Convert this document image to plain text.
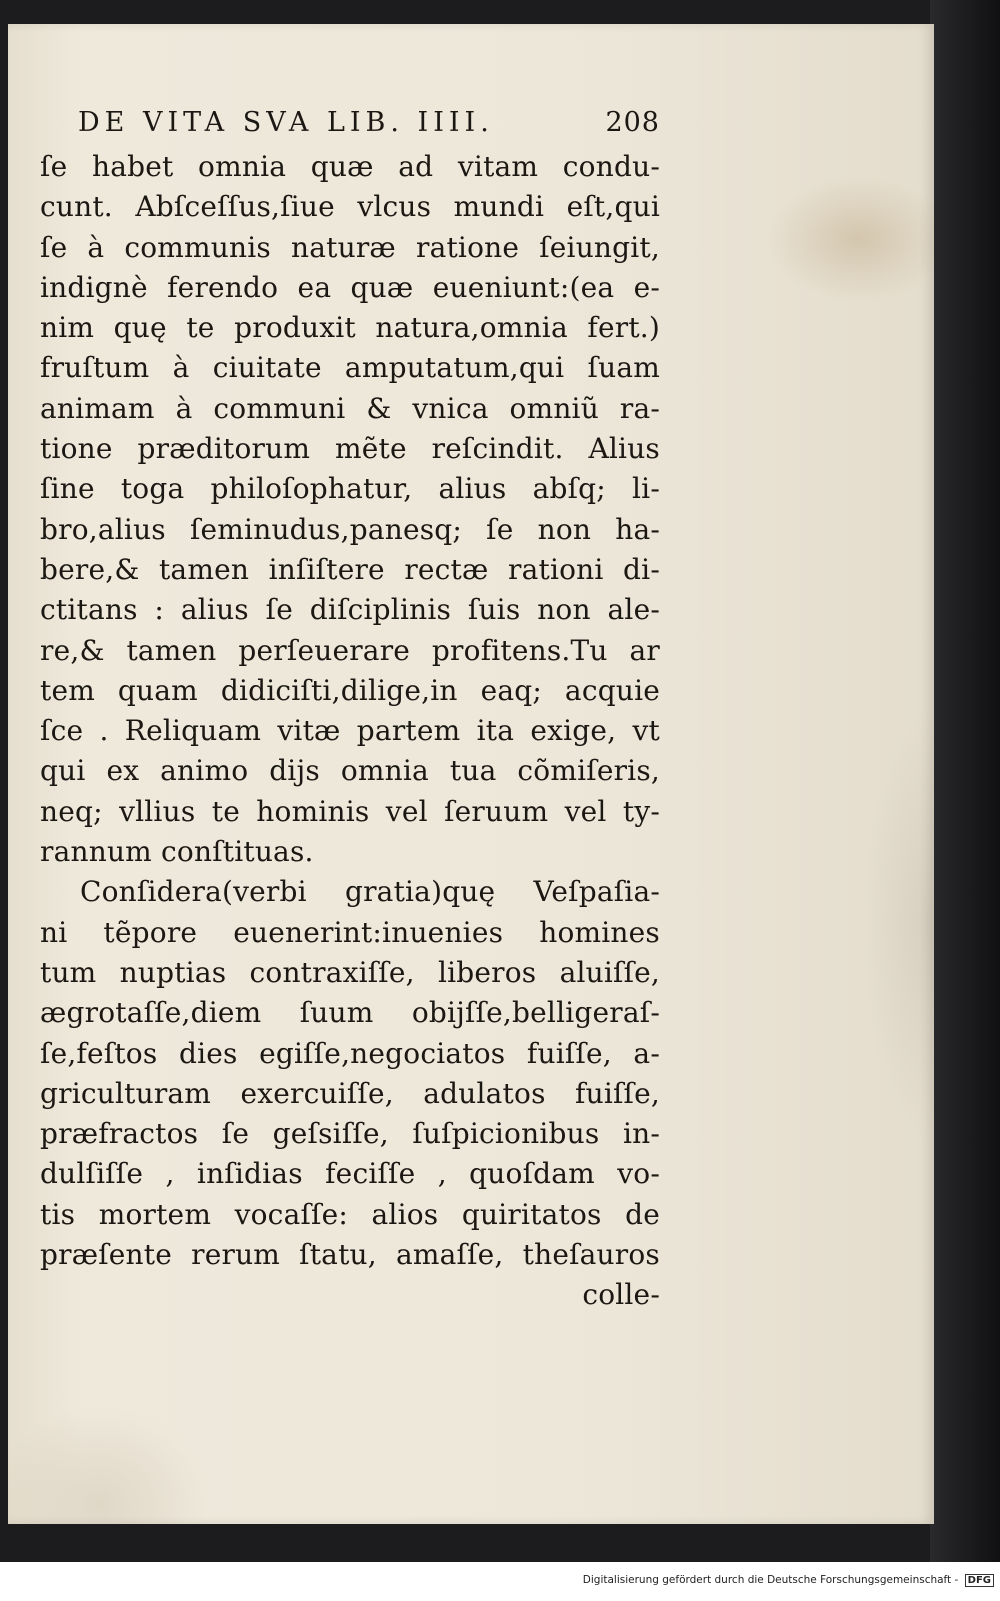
DE VITA SVA LIB. IIII.	208
ſe habet omnia quæ ad vitam condu-
cunt. Abſceſſus,ſiue vlcus mundi eſt,qui
ſe à communis naturæ ratione ſeiungit,
indignè ferendo ea quæ eueniunt:(ea e-
nim quę te produxit natura,omnia fert.)
fruſtum à ciuitate amputatum,qui ſuam
animam à communi & vnica omniũ ra-
tione præditorum mẽte reſcindit. Alius
ſine toga philoſophatur, alius abſq; li-
bro,alius ſeminudus,panesq; ſe non ha-
bere,& tamen inſiſtere rectæ rationi di-
ctitans : alius ſe diſciplinis ſuis non ale-
re,& tamen perſeuerare profitens.Tu ar
tem quam didiciſti,dilige,in eaq; acquie
ſce . Reliquam vitæ partem ita exige, vt
qui ex animo dijs omnia tua cõmiſeris,
neq; vllius te hominis vel ſeruum vel ty-
rannum conſtituas.
Conſidera(verbi gratia)quę Veſpaſia-
ni tẽpore euenerint:inuenies homines
tum nuptias contraxiſſe, liberos aluiſſe,
ægrotaſſe,diem ſuum obijſſe,belligeraſ-
ſe,feſtos dies egiſſe,negociatos fuiſſe, a-
griculturam exercuiſſe, adulatos fuiſſe,
præfractos ſe geſsiſſe, ſuſpicionibus in-
dulſiſſe , inſidias feciſſe , quoſdam vo-
tis mortem vocaſſe: alios quiritatos de
præſente rerum ſtatu, amaſſe, theſauros
colle-
Digitalisierung gefördert durch die Deutsche Forschungsgemeinschaft - DFG
